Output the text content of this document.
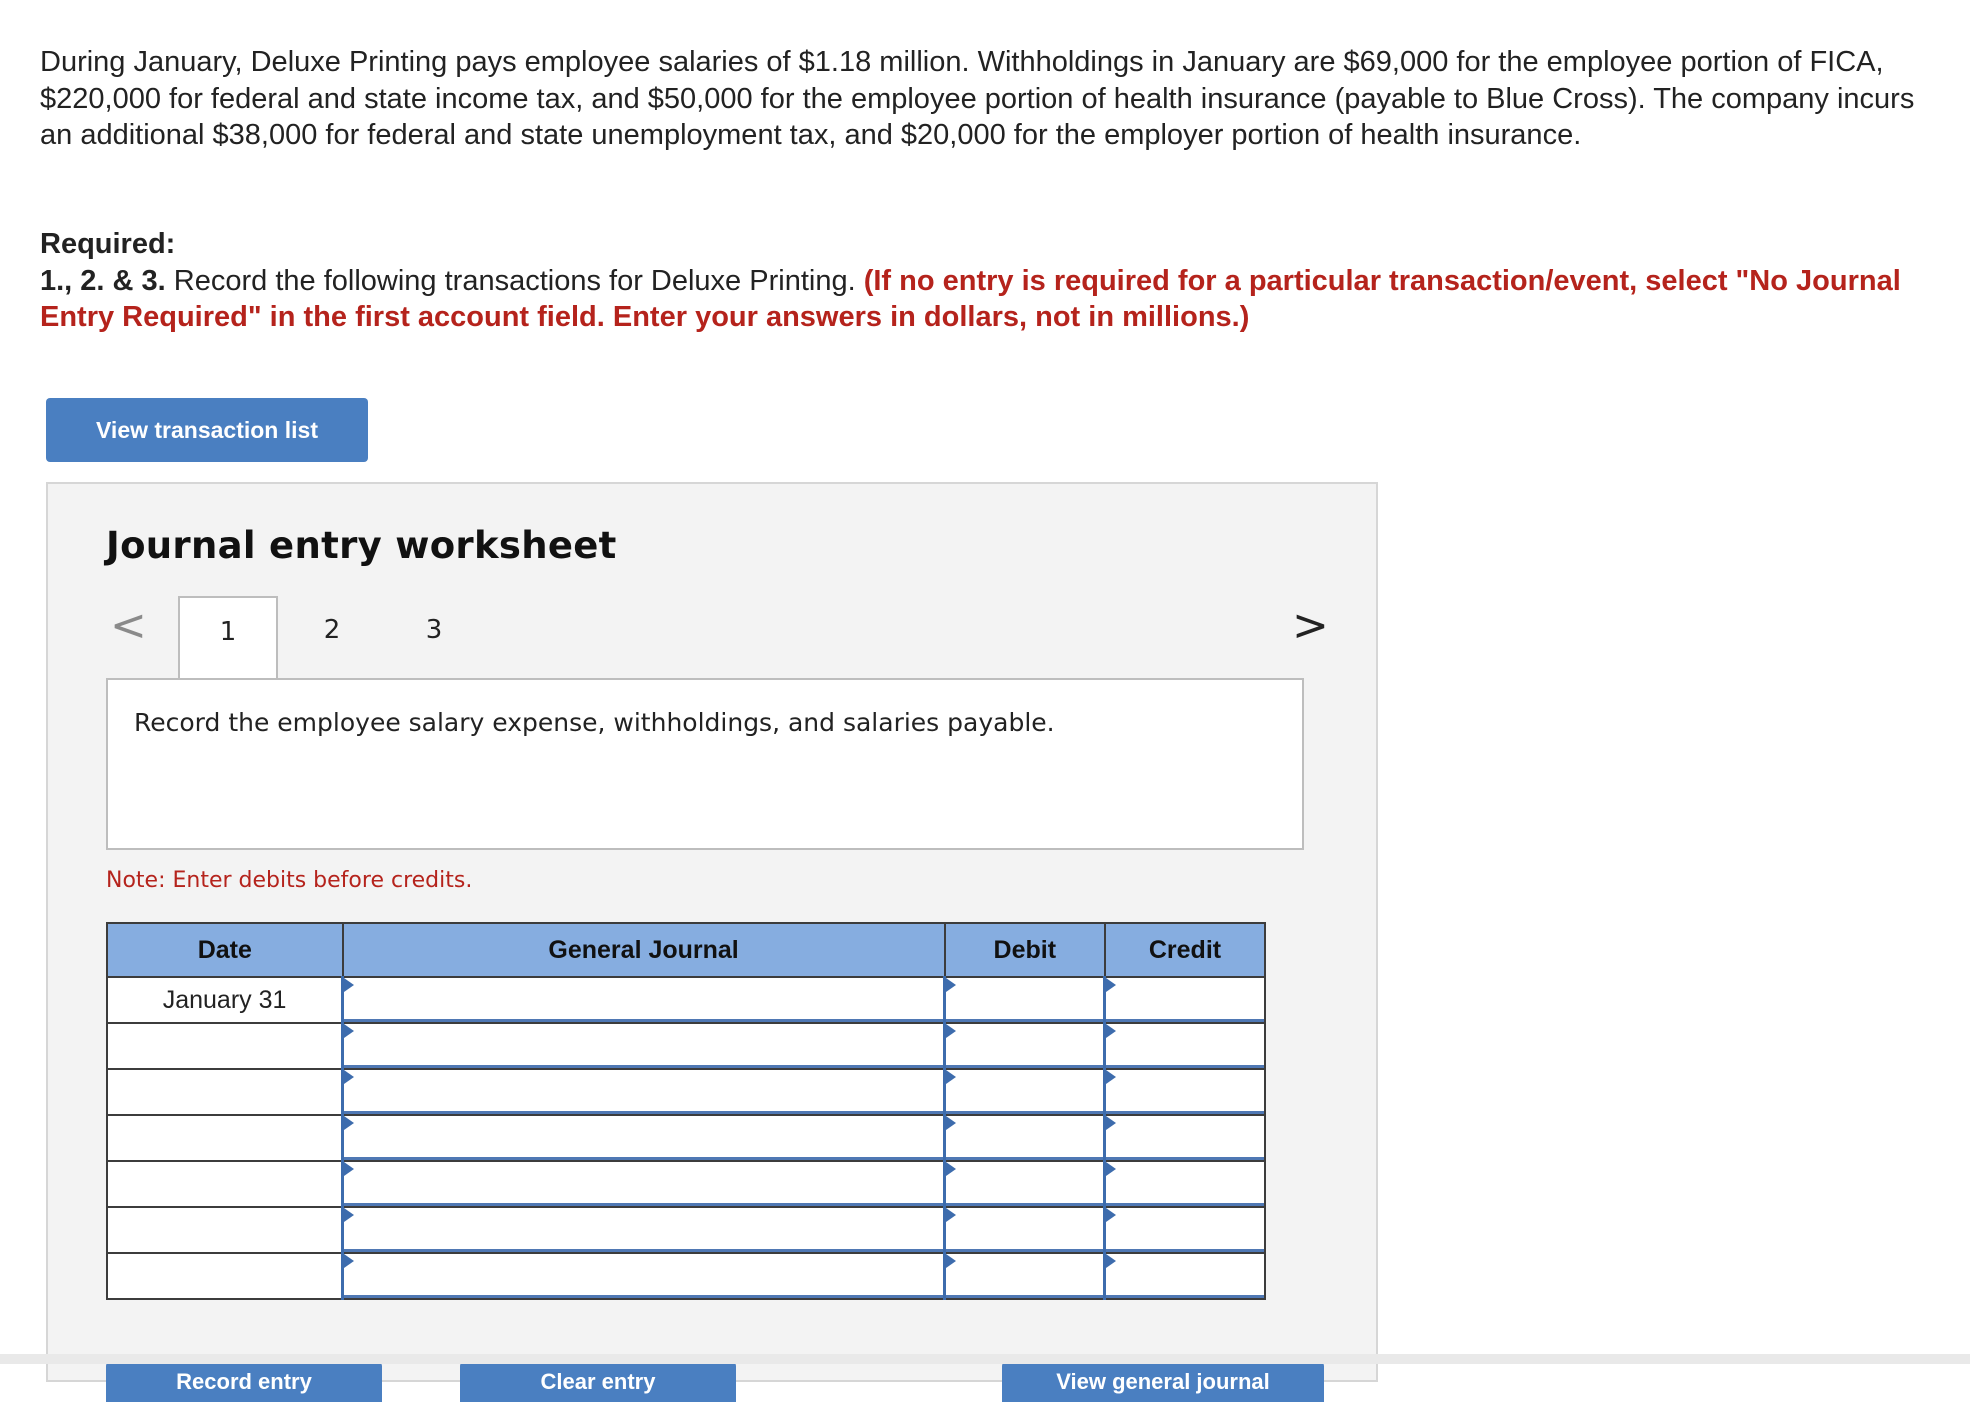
During January, Deluxe Printing pays employee salaries of $1.18 million. Withholdings in January are $69,000 for the employee portion of FICA, $220,000 for federal and state income tax, and $50,000 for the employee portion of health insurance (payable to Blue Cross). The company incurs an additional $38,000 for federal and state unemployment tax, and $20,000 for the employer portion of health insurance.
Required:
1., 2. & 3. Record the following transactions for Deluxe Printing. (If no entry is required for a particular transaction/event, select "No Journal Entry Required" in the first account field. Enter your answers in dollars, not in millions.)
View transaction list
Journal entry worksheet
<	1	2	3	>
Record the employee salary expense, withholdings, and salaries payable.
Note: Enter debits before credits.
Date	General Journal	Debit	Credit
January 31	

Record entry	Clear entry	View general journal
